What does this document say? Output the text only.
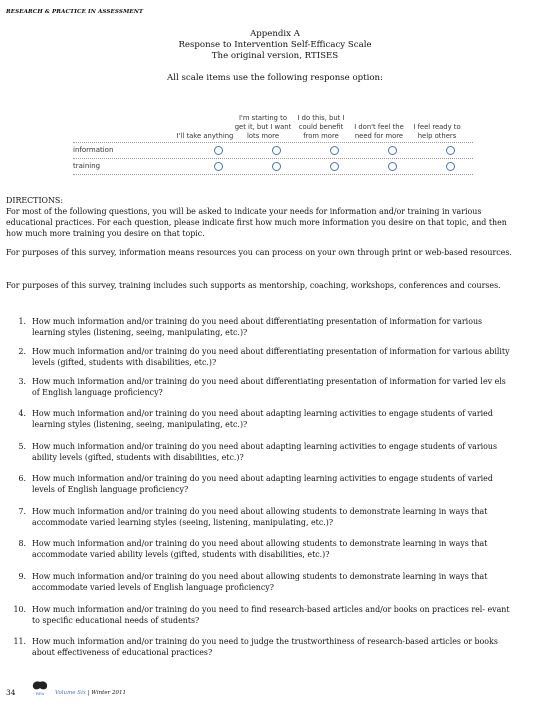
RESEARCH & PRACTICE IN ASSESSMENT
Appendix A
Response to Intervention Self-Efficacy Scale
The original version, RTISES
All scale items use the following response option:
I'll take anything
I'm starting to get it, but I want lots more
I do this, but I could benefit from more
I don't feel the need for more
I feel ready to help others
information
training
DIRECTIONS:
For most of the following questions, you will be asked to indicate your needs for information and/or training in various educational practices. For each question, please indicate first how much more information you desire on that topic, and then how much more training you desire on that topic.
For purposes of this survey, information means resources you can process on your own through print or web-based resources.
For purposes of this survey, training includes such supports as mentorship, coaching, workshops, conferences and courses.
1. How much information and/or training do you need about differentiating presentation of information for various learning styles (listening, seeing, manipulating, etc.)?
2. How much information and/or training do you need about differentiating presentation of information for various ability levels (gifted, students with disabilities, etc.)?
3. How much information and/or training do you need about differentiating presentation of information for varied lev els of English language proficiency?
4. How much information and/or training do you need about adapting learning activities to engage students of varied learning styles (listening, seeing, manipulating, etc.)?
5. How much information and/or training do you need about adapting learning activities to engage students of various ability levels (gifted, students with disabilities, etc.)?
6. How much information and/or training do you need about adapting learning activities to engage students of varied levels of English language proficiency?
7. How much information and/or training do you need about allowing students to demonstrate learning in ways that accommodate varied learning styles (seeing, listening, manipulating, etc.)?
8. How much information and/or training do you need about allowing students to demonstrate learning in ways that accommodate varied ability levels (gifted, students with disabilities, etc.)?
9. How much information and/or training do you need about allowing students to demonstrate learning in ways that accommodate varied levels of English language proficiency?
10. How much information and/or training do you need to find research-based articles and/or books on practices rel- evant to specific educational needs of students?
11. How much information and/or training do you need to judge the trustworthiness of research-based articles or books about effectiveness of educational practices?
34	RPA Volume Six | Winter 2011
